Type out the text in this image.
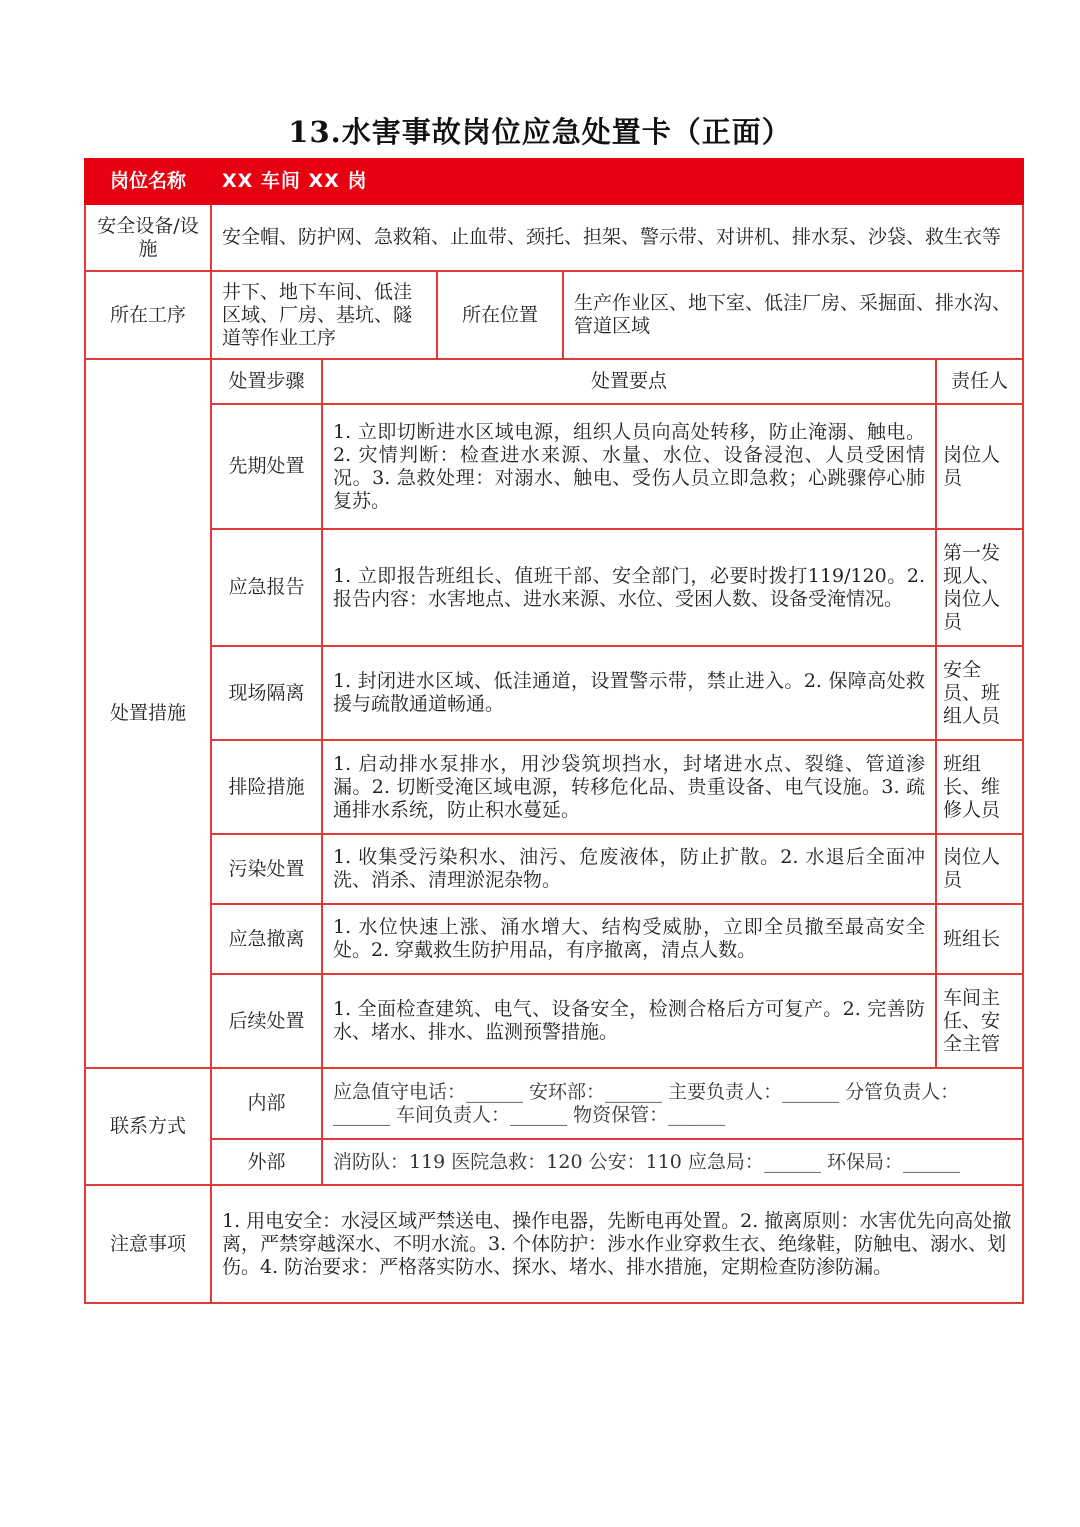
13.水害事故岗位应急处置卡（正面）
岗位名称	XX 车间 XX 岗				
安全设备/设施	安全帽、防护网、急救箱、止血带、颈托、担架、警示带、对讲机、排水泵、沙袋、救生衣等				
所在工序	井下、地下车间、低洼区域、厂房、基坑、隧道等作业工序		所在位置	生产作业区、地下室、低洼厂房、采掘面、排水沟、管道区域	
处置措施	处置步骤	处置要点			责任人
	先期处置	1. 立即切断进水区域电源，组织人员向高处转移，防止淹溺、触电。2. 灾情判断：检查进水来源、水量、水位、设备浸泡、人员受困情况。3. 急救处理：对溺水、触电、受伤人员立即急救；心跳骤停心肺复苏。			岗位人员
	应急报告	1. 立即报告班组长、值班干部、安全部门，必要时拨打119/120。2. 报告内容：水害地点、进水来源、水位、受困人数、设备受淹情况。			第一发现人、岗位人员
	现场隔离	1. 封闭进水区域、低洼通道，设置警示带，禁止进入。2. 保障高处救援与疏散通道畅通。			安全员、班组人员
	排险措施	1. 启动排水泵排水，用沙袋筑坝挡水，封堵进水点、裂缝、管道渗漏。2. 切断受淹区域电源，转移危化品、贵重设备、电气设施。3. 疏通排水系统，防止积水蔓延。			班组长、维修人员
	污染处置	1. 收集受污染积水、油污、危废液体，防止扩散。2. 水退后全面冲洗、消杀、清理淤泥杂物。			岗位人员
	应急撤离	1. 水位快速上涨、涌水增大、结构受威胁，立即全员撤至最高安全处。2. 穿戴救生防护用品，有序撤离，清点人数。			班组长
	后续处置	1. 全面检查建筑、电气、设备安全，检测合格后方可复产。2. 完善防水、堵水、排水、监测预警措施。			车间主任、安全主管
联系方式	内部	应急值守电话：______ 安环部：______ 主要负责人：______ 分管负责人：______ 车间负责人：______ 物资保管：______			
	外部	消防队：119 医院急救：120 公安：110 应急局：______ 环保局：______			
注意事项	1. 用电安全：水浸区域严禁送电、操作电器，先断电再处置。2. 撤离原则：水害优先向高处撤离，严禁穿越深水、不明水流。3. 个体防护：涉水作业穿救生衣、绝缘鞋，防触电、溺水、划伤。4. 防治要求：严格落实防水、探水、堵水、排水措施，定期检查防渗防漏。				
